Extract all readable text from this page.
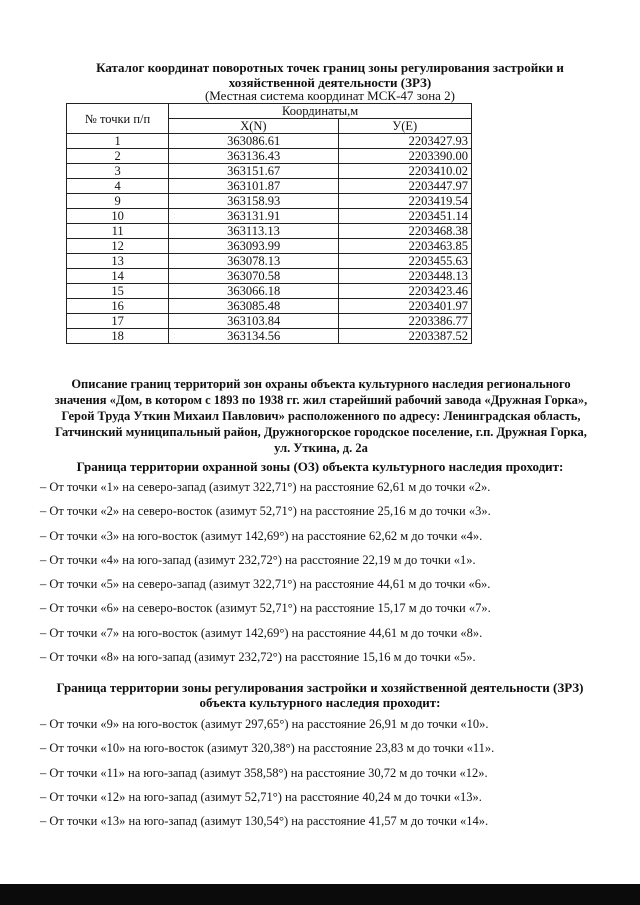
Каталог координат поворотных точек границ зоны регулирования застройки и
хозяйственной деятельности (ЗРЗ)
(Местная система координат МСК-47 зона 2)
№ точки п/п	Координаты,м	
	X(N)	У(Е)
1	363086.61	2203427.93
2	363136.43	2203390.00
3	363151.67	2203410.02
4	363101.87	2203447.97
9	363158.93	2203419.54
10	363131.91	2203451.14
11	363113.13	2203468.38
12	363093.99	2203463.85
13	363078.13	2203455.63
14	363070.58	2203448.13
15	363066.18	2203423.46
16	363085.48	2203401.97
17	363103.84	2203386.77
18	363134.56	2203387.52
Описание границ территорий зон охраны объекта культурного наследия регионального
значения «Дом, в котором с 1893 по 1938 гг. жил старейший рабочий завода «Дружная Горка»,
Герой Труда Уткин Михаил Павлович» расположенного по адресу: Ленинградская область,
Гатчинский муниципальный район, Дружногорское городское поселение, г.п. Дружная Горка,
ул. Уткина, д. 2а
Граница территории охранной зоны (ОЗ) объекта культурного наследия проходит:
– От точки «1» на северо-запад (азимут 322,71°) на расстояние 62,61 м до точки «2».
– От точки «2» на северо-восток (азимут 52,71°) на расстояние 25,16 м до точки «3».
– От точки «3» на юго-восток (азимут 142,69°) на расстояние 62,62 м до точки «4».
– От точки «4» на юго-запад (азимут 232,72°) на расстояние 22,19 м до точки «1».
– От точки «5» на северо-запад (азимут 322,71°) на расстояние 44,61 м до точки «6».
– От точки «6» на северо-восток (азимут 52,71°) на расстояние 15,17 м до точки «7».
– От точки «7» на юго-восток (азимут 142,69°) на расстояние 44,61 м до точки «8».
– От точки «8» на юго-запад (азимут 232,72°) на расстояние 15,16 м до точки «5».
Граница территории зоны регулирования застройки и хозяйственной деятельности (ЗРЗ)
объекта культурного наследия проходит:
– От точки «9» на юго-восток (азимут 297,65°) на расстояние 26,91 м до точки «10».
– От точки «10» на юго-восток (азимут 320,38°) на расстояние 23,83 м до точки «11».
– От точки «11» на юго-запад (азимут 358,58°) на расстояние 30,72 м до точки «12».
– От точки «12» на юго-запад (азимут 52,71°) на расстояние 40,24 м до точки «13».
– От точки «13» на юго-запад (азимут 130,54°) на расстояние 41,57 м до точки «14».
